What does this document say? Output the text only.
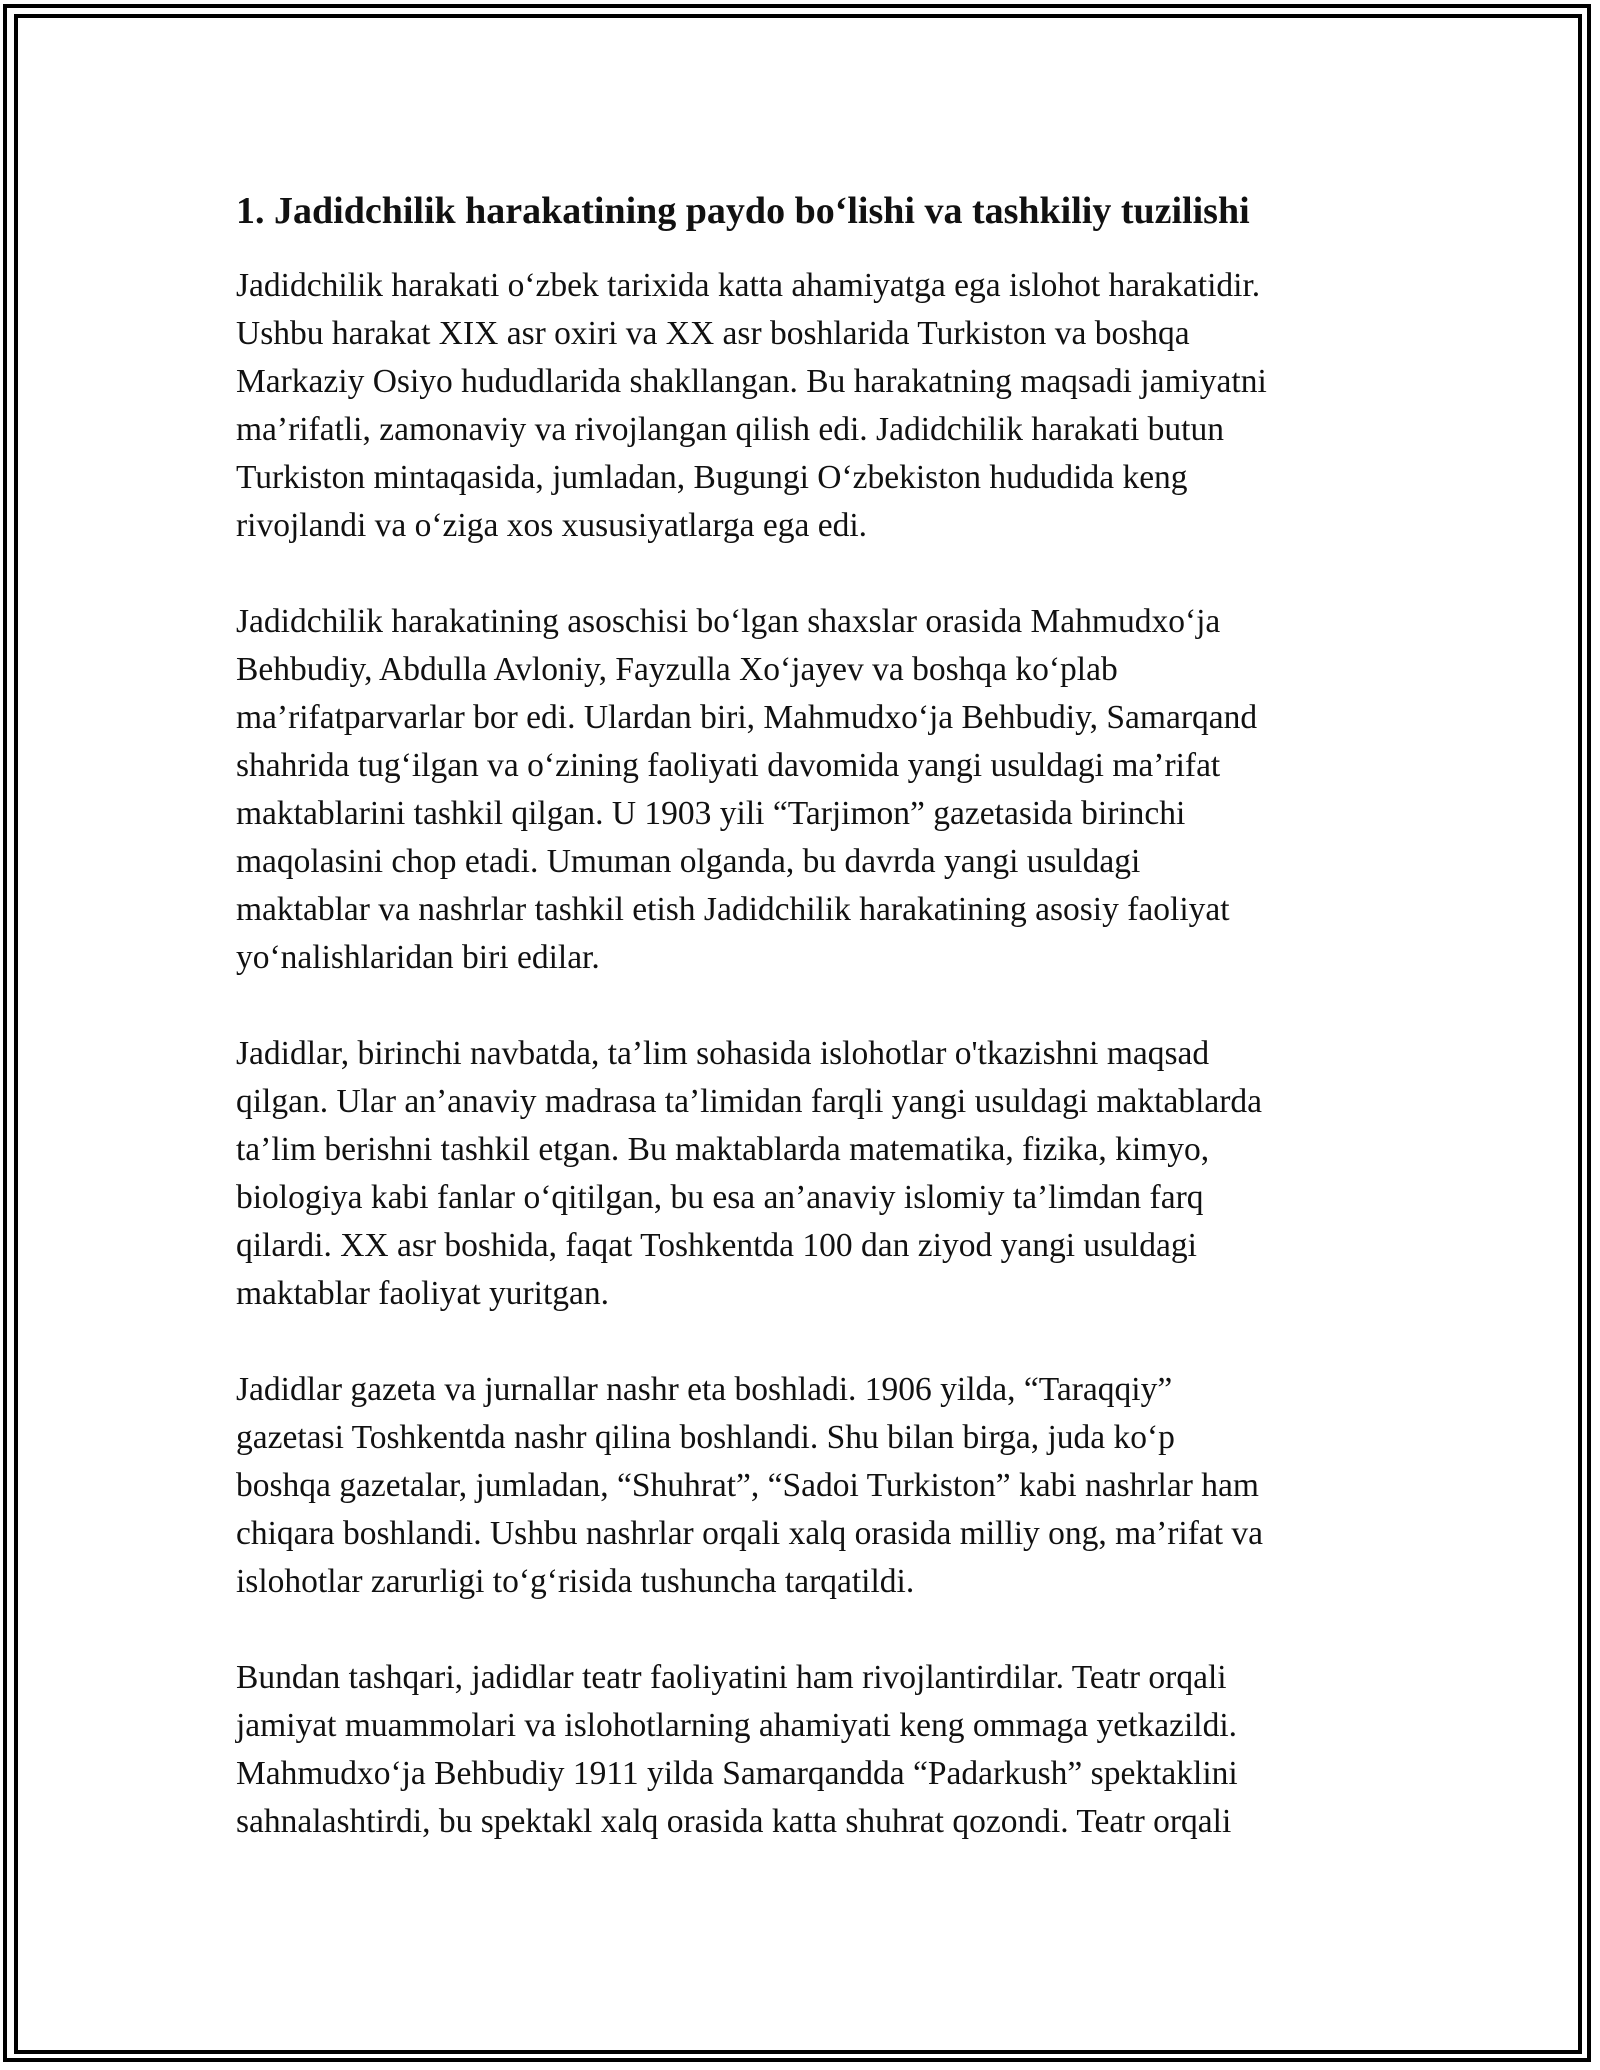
1. Jadidchilik harakatining paydo bo‘lishi va tashkiliy tuzilishi

Jadidchilik harakati o‘zbek tarixida katta ahamiyatga ega islohot harakatidir.
Ushbu harakat XIX asr oxiri va XX asr boshlarida Turkiston va boshqa
Markaziy Osiyo hududlarida shakllangan. Bu harakatning maqsadi jamiyatni
ma’rifatli, zamonaviy va rivojlangan qilish edi. Jadidchilik harakati butun
Turkiston mintaqasida, jumladan, Bugungi O‘zbekiston hududida keng
rivojlandi va o‘ziga xos xususiyatlarga ega edi.

Jadidchilik harakatining asoschisi bo‘lgan shaxslar orasida Mahmudxo‘ja
Behbudiy, Abdulla Avloniy, Fayzulla Xo‘jayev va boshqa ko‘plab
ma’rifatparvarlar bor edi. Ulardan biri, Mahmudxo‘ja Behbudiy, Samarqand
shahrida tug‘ilgan va o‘zining faoliyati davomida yangi usuldagi ma’rifat
maktablarini tashkil qilgan. U 1903 yili “Tarjimon” gazetasida birinchi
maqolasini chop etadi. Umuman olganda, bu davrda yangi usuldagi
maktablar va nashrlar tashkil etish Jadidchilik harakatining asosiy faoliyat
yo‘nalishlaridan biri edilar.

Jadidlar, birinchi navbatda, ta’lim sohasida islohotlar o'tkazishni maqsad
qilgan. Ular an’anaviy madrasa ta’limidan farqli yangi usuldagi maktablarda
ta’lim berishni tashkil etgan. Bu maktablarda matematika, fizika, kimyo,
biologiya kabi fanlar o‘qitilgan, bu esa an’anaviy islomiy ta’limdan farq
qilardi. XX asr boshida, faqat Toshkentda 100 dan ziyod yangi usuldagi
maktablar faoliyat yuritgan.

Jadidlar gazeta va jurnallar nashr eta boshladi. 1906 yilda, “Taraqqiy”
gazetasi Toshkentda nashr qilina boshlandi. Shu bilan birga, juda ko‘p
boshqa gazetalar, jumladan, “Shuhrat”, “Sadoi Turkiston” kabi nashrlar ham
chiqara boshlandi. Ushbu nashrlar orqali xalq orasida milliy ong, ma’rifat va
islohotlar zarurligi to‘g‘risida tushuncha tarqatildi.

Bundan tashqari, jadidlar teatr faoliyatini ham rivojlantirdilar. Teatr orqali
jamiyat muammolari va islohotlarning ahamiyati keng ommaga yetkazildi.
Mahmudxo‘ja Behbudiy 1911 yilda Samarqandda “Padarkush” spektaklini
sahnalashtirdi, bu spektakl xalq orasida katta shuhrat qozondi. Teatr orqali
